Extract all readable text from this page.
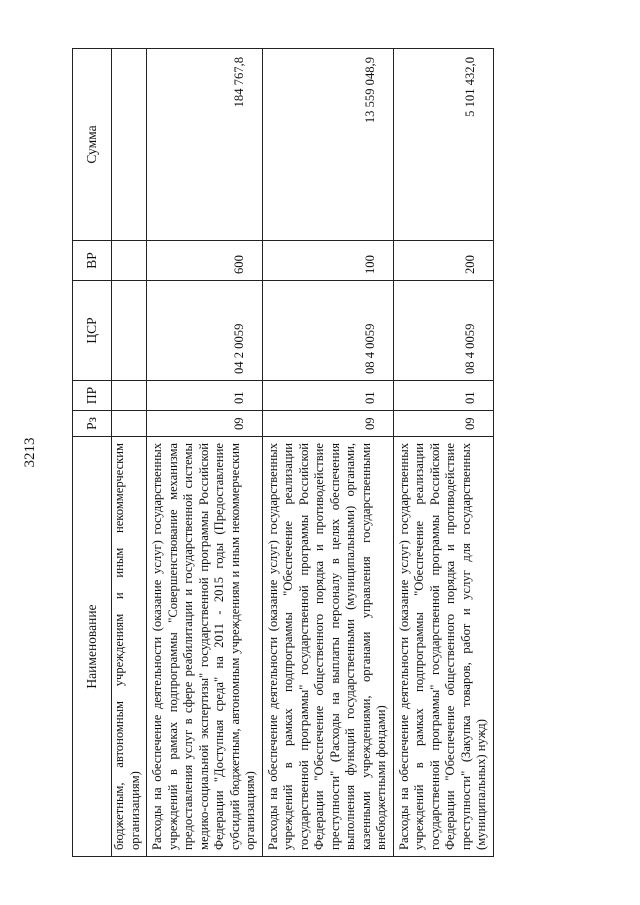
3213
Наименование	Рз	ПР	ЦСР	ВР	Сумма
бюджетным, автономным учреждениям и иным некоммерческим организациям)					
Расходы на обеспечение деятельности (оказание услуг) государственных учреждений в рамках подпрограммы "Совершенствование механизма предоставления услуг в сфере реабилитации и государственной системы медико-социальной экспертизы" государственной программы Российской Федерации "Доступная среда" на 2011 - 2015 годы (Предоставление субсидий бюджетным, автономным учреждениям и иным некоммерческим организациям)	09	01	04 2 0059	600	184 767,8
Расходы на обеспечение деятельности (оказание услуг) государственных учреждений в рамках подпрограммы "Обеспечение реализации государственной программы" государственной программы Российской Федерации "Обеспечение общественного порядка и противодействие преступности" (Расходы на выплаты персоналу в целях обеспечения выполнения функций государственными (муниципальными) органами, казенными учреждениями, органами управления государственными внебюджетными фондами)	09	01	08 4 0059	100	13 559 048,9
Расходы на обеспечение деятельности (оказание услуг) государственных учреждений в рамках подпрограммы "Обеспечение реализации государственной программы" государственной программы Российской Федерации "Обеспечение общественного порядка и противодействие преступности" (Закупка товаров, работ и услуг для государственных (муниципальных) нужд)	09	01	08 4 0059	200	5 101 432,0
